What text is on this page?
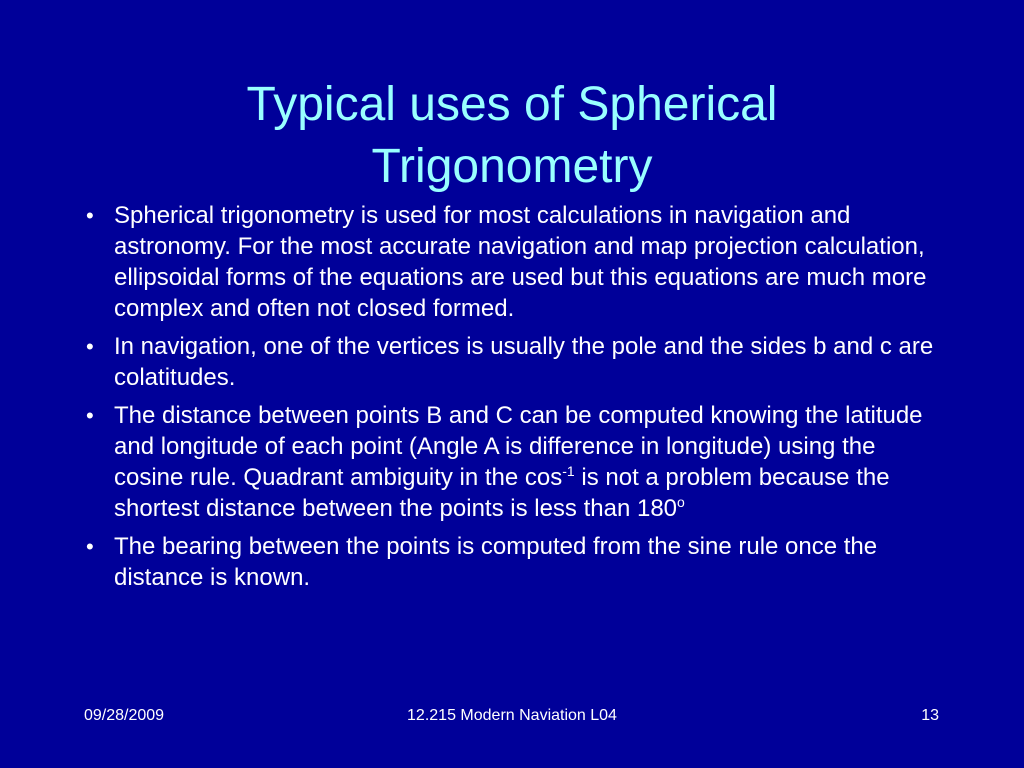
Typical uses of Spherical
Trigonometry
• Spherical trigonometry is used for most calculations in navigation and astronomy. For the most accurate navigation and map projection calculation, ellipsoidal forms of the equations are used but this equations are much more complex and often not closed formed.
• In navigation, one of the vertices is usually the pole and the sides b and c are colatitudes.
• The distance between points B and C can be computed knowing the latitude and longitude of each point (Angle A is difference in longitude) using the cosine rule. Quadrant ambiguity in the $\cos^{-1}$ is not a problem because the shortest distance between the points is less than 180$^o$
• The bearing between the points is computed from the sine rule once the distance is known.
09/28/2009	12.215 Modern Naviation L04	13
